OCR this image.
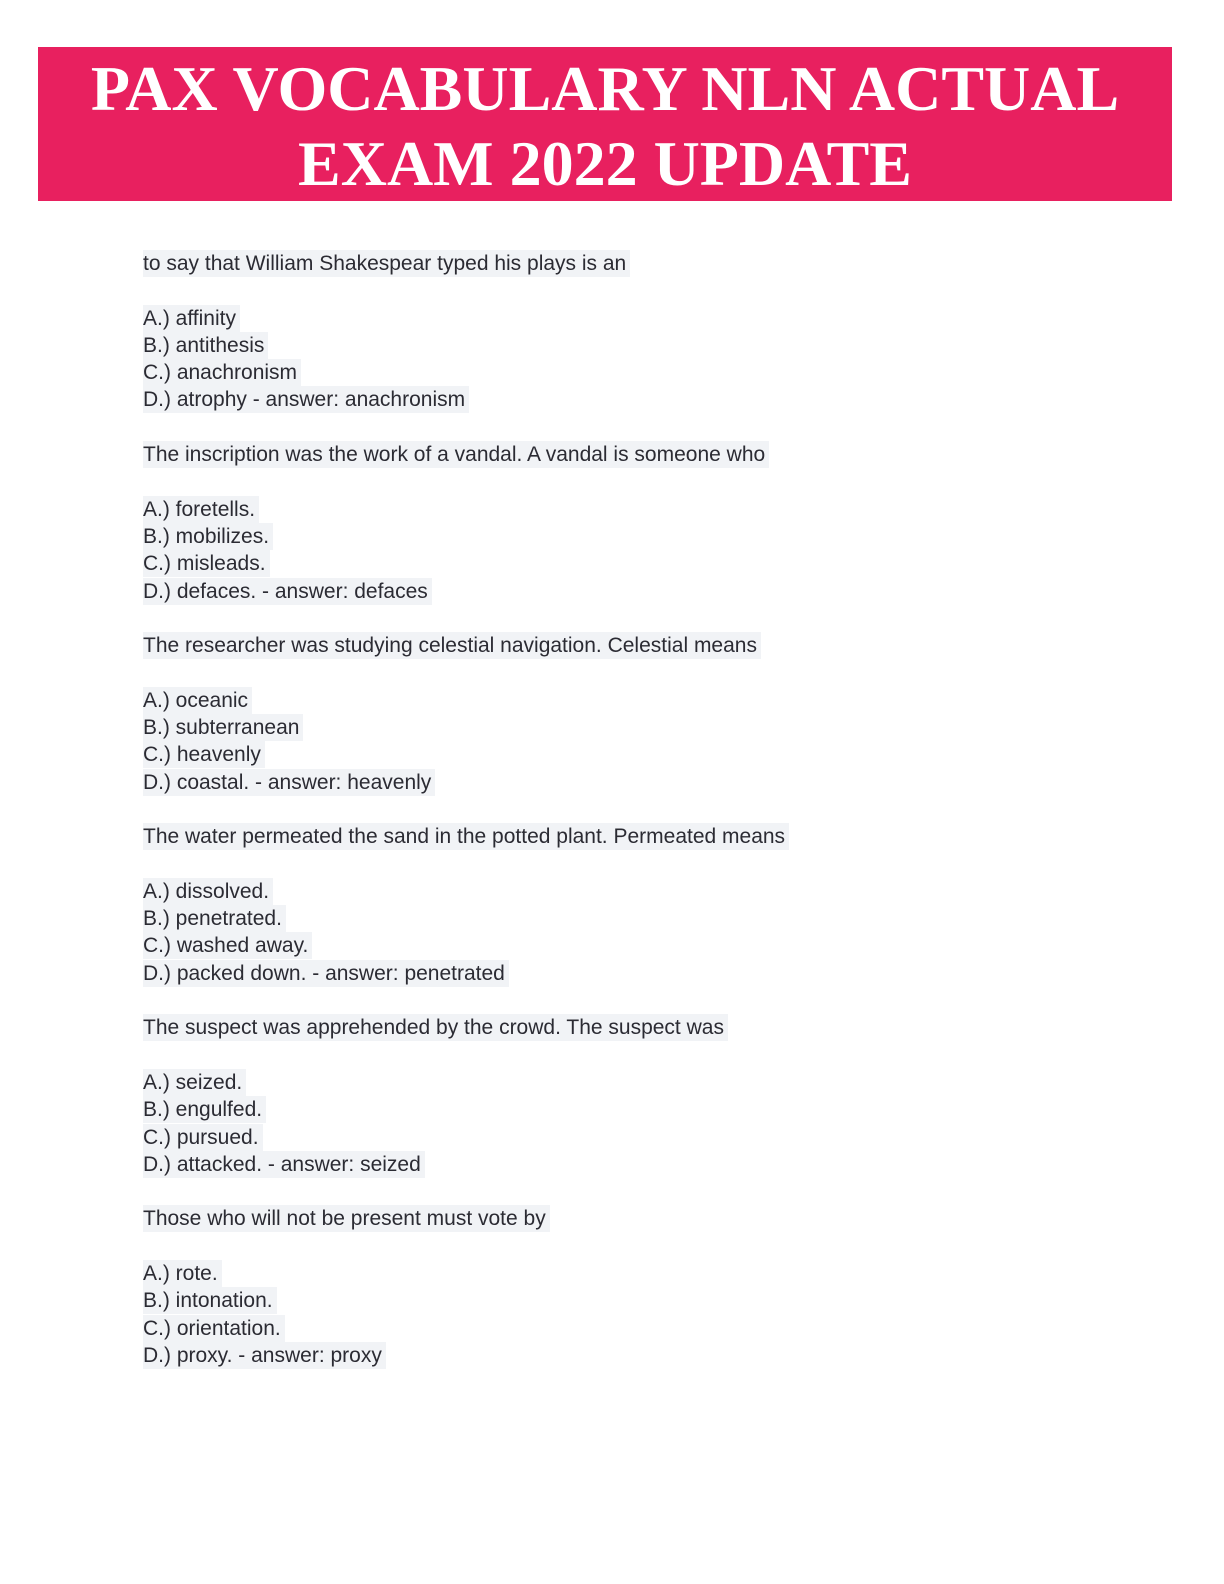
PAX VOCABULARY NLN ACTUAL
EXAM 2022 UPDATE
to say that William Shakespear typed his plays is an
A.) affinity
B.) antithesis
C.) anachronism
D.) atrophy - answer: anachronism
The inscription was the work of a vandal. A vandal is someone who
A.) foretells.
B.) mobilizes.
C.) misleads.
D.) defaces. - answer: defaces
The researcher was studying celestial navigation. Celestial means
A.) oceanic
B.) subterranean
C.) heavenly
D.) coastal. - answer: heavenly
The water permeated the sand in the potted plant. Permeated means
A.) dissolved.
B.) penetrated.
C.) washed away.
D.) packed down. - answer: penetrated
The suspect was apprehended by the crowd. The suspect was
A.) seized.
B.) engulfed.
C.) pursued.
D.) attacked. - answer: seized
Those who will not be present must vote by
A.) rote.
B.) intonation.
C.) orientation.
D.) proxy. - answer: proxy
